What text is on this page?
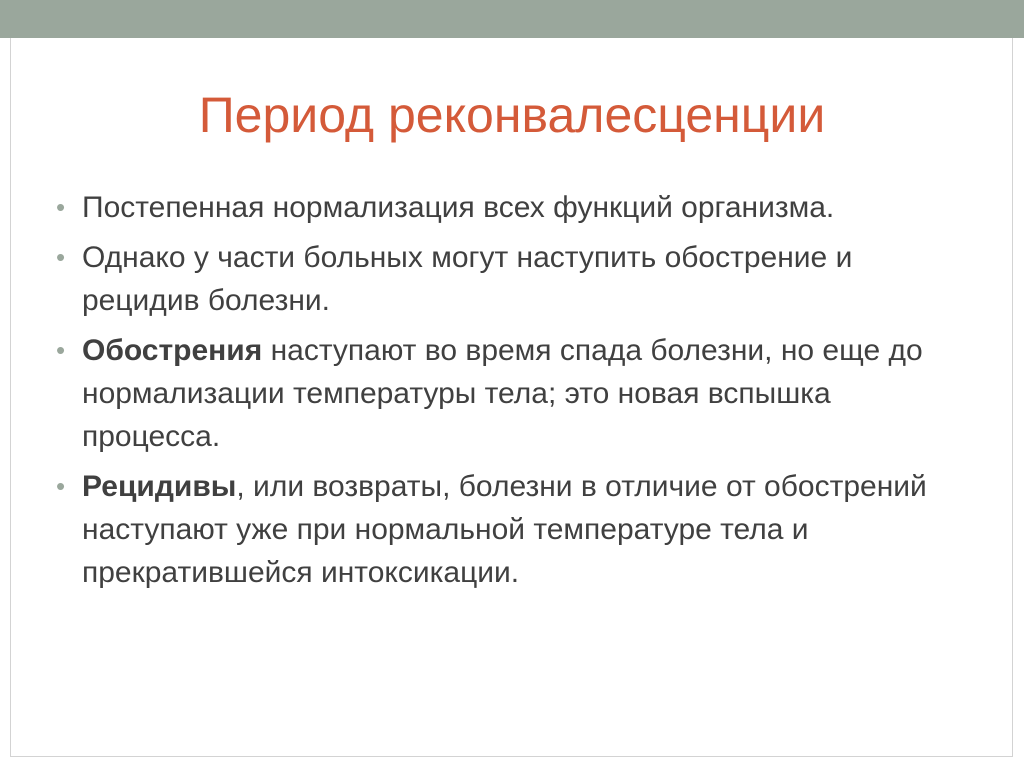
Период реконвалесценции
• Постепенная нормализация всех функций организма.
• Однако у части больных могут наступить обострение и рецидив болезни.
• Обострения наступают во время спада болезни, но еще до нормализации температуры тела; это новая вспышка процесса.
• Рецидивы, или возвраты, болезни в отличие от обострений наступают уже при нормальной температуре тела и прекратившейся интоксикации.
